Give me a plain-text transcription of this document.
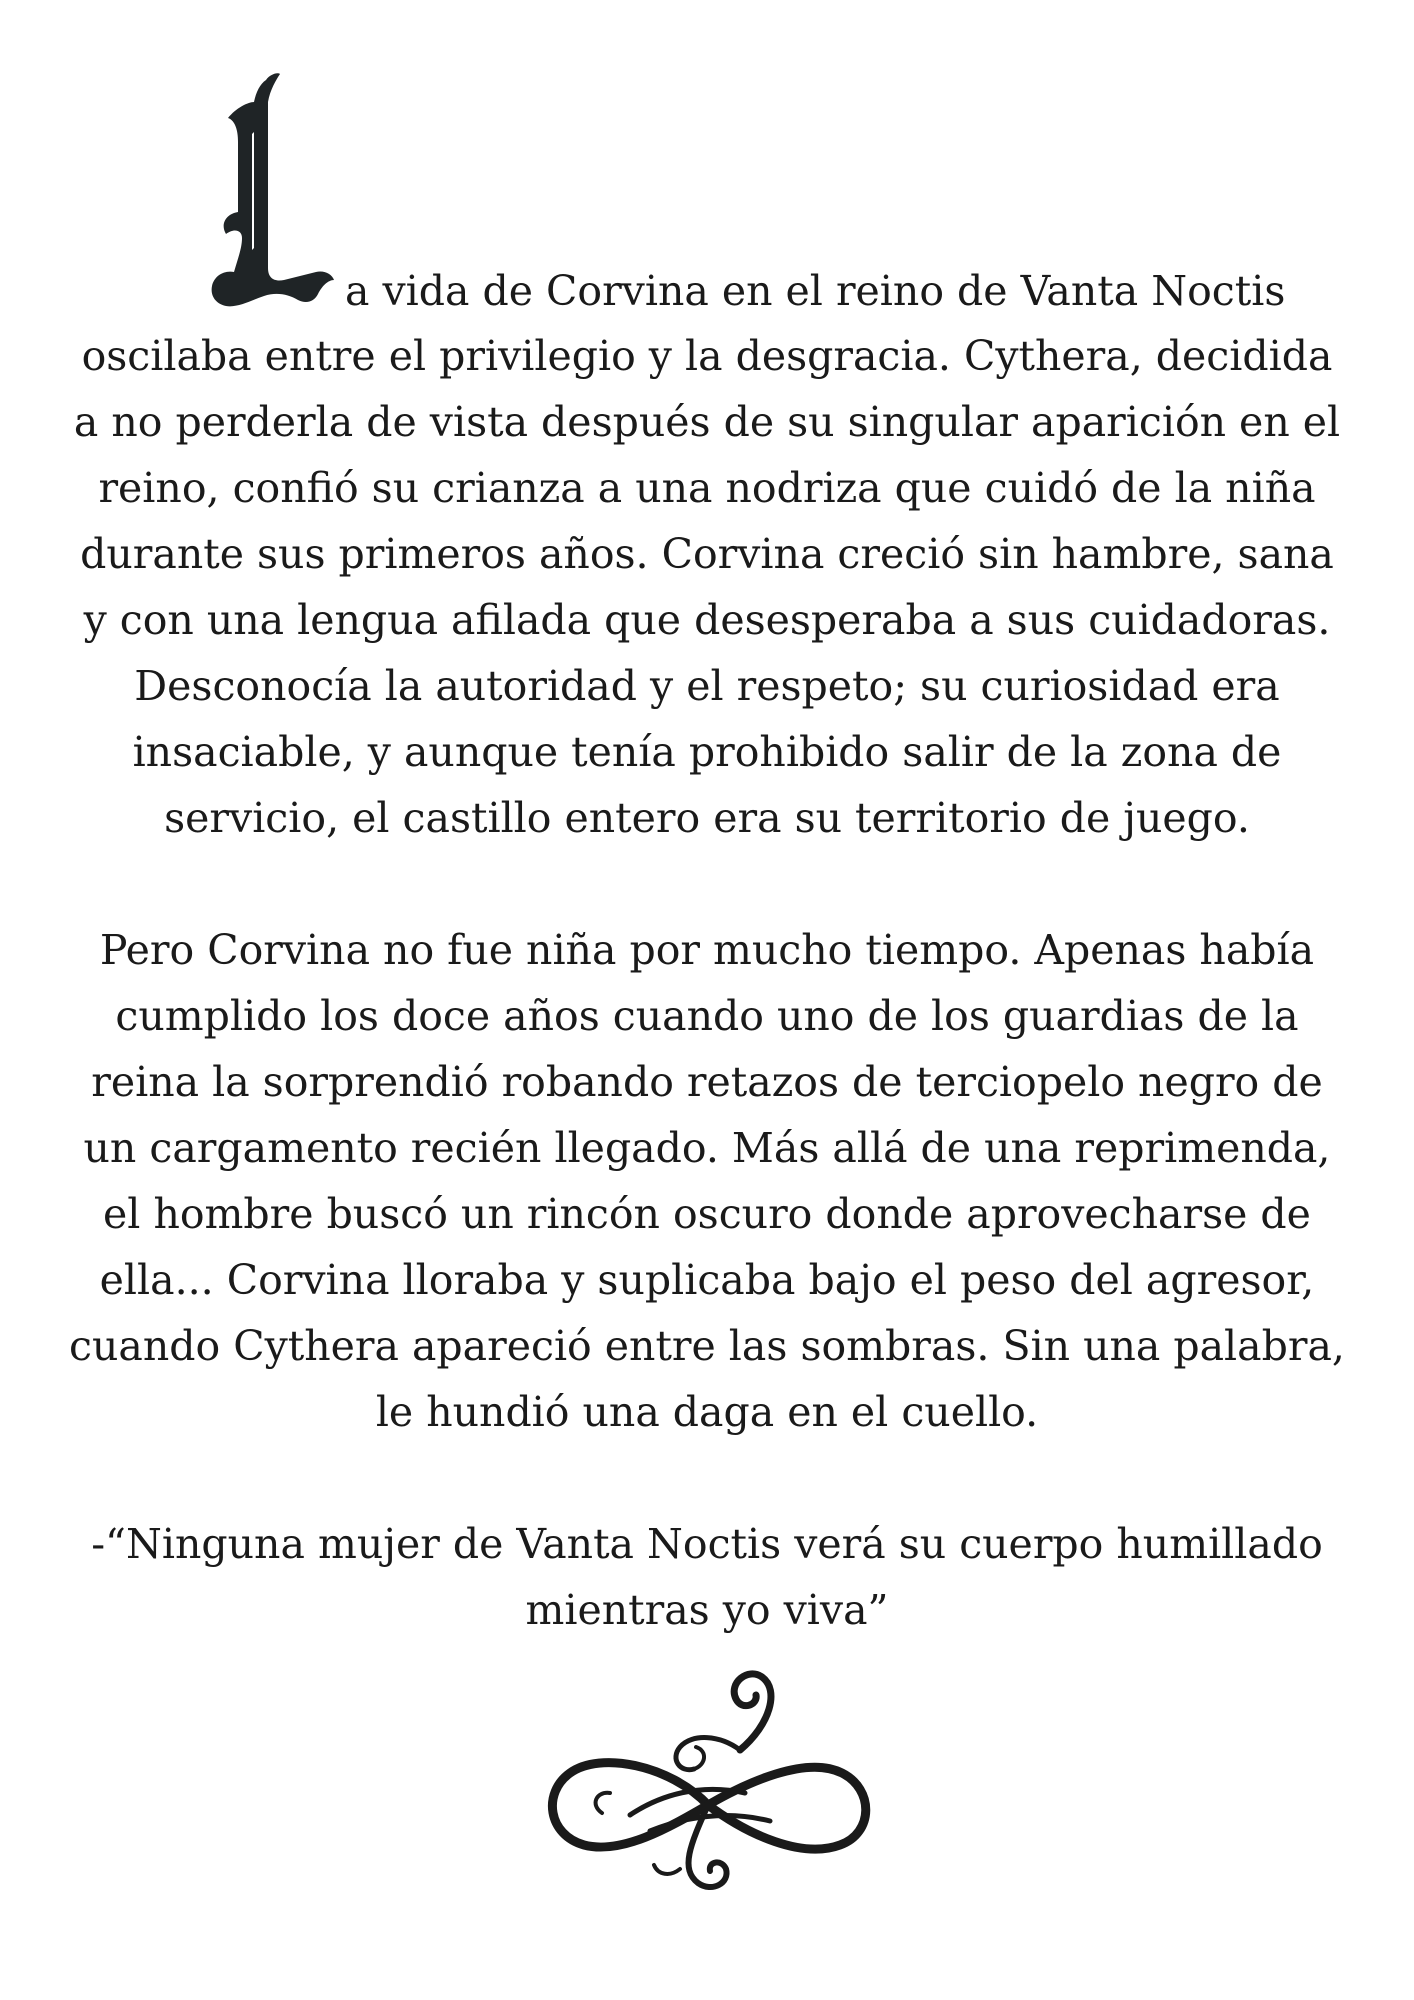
a vida de Corvina en el reino de Vanta Noctis
oscilaba entre el privilegio y la desgracia. Cythera, decidida
a no perderla de vista después de su singular aparición en el
reino, confió su crianza a una nodriza que cuidó de la niña
durante sus primeros años. Corvina creció sin hambre, sana
y con una lengua afilada que desesperaba a sus cuidadoras.
Desconocía la autoridad y el respeto; su curiosidad era
insaciable, y aunque tenía prohibido salir de la zona de
servicio, el castillo entero era su territorio de juego.
Pero Corvina no fue niña por mucho tiempo. Apenas había
cumplido los doce años cuando uno de los guardias de la
reina la sorprendió robando retazos de terciopelo negro de
un cargamento recién llegado. Más allá de una reprimenda,
el hombre buscó un rincón oscuro donde aprovecharse de
ella... Corvina lloraba y suplicaba bajo el peso del agresor,
cuando Cythera apareció entre las sombras. Sin una palabra,
le hundió una daga en el cuello.
-“Ninguna mujer de Vanta Noctis verá su cuerpo humillado
mientras yo viva”
